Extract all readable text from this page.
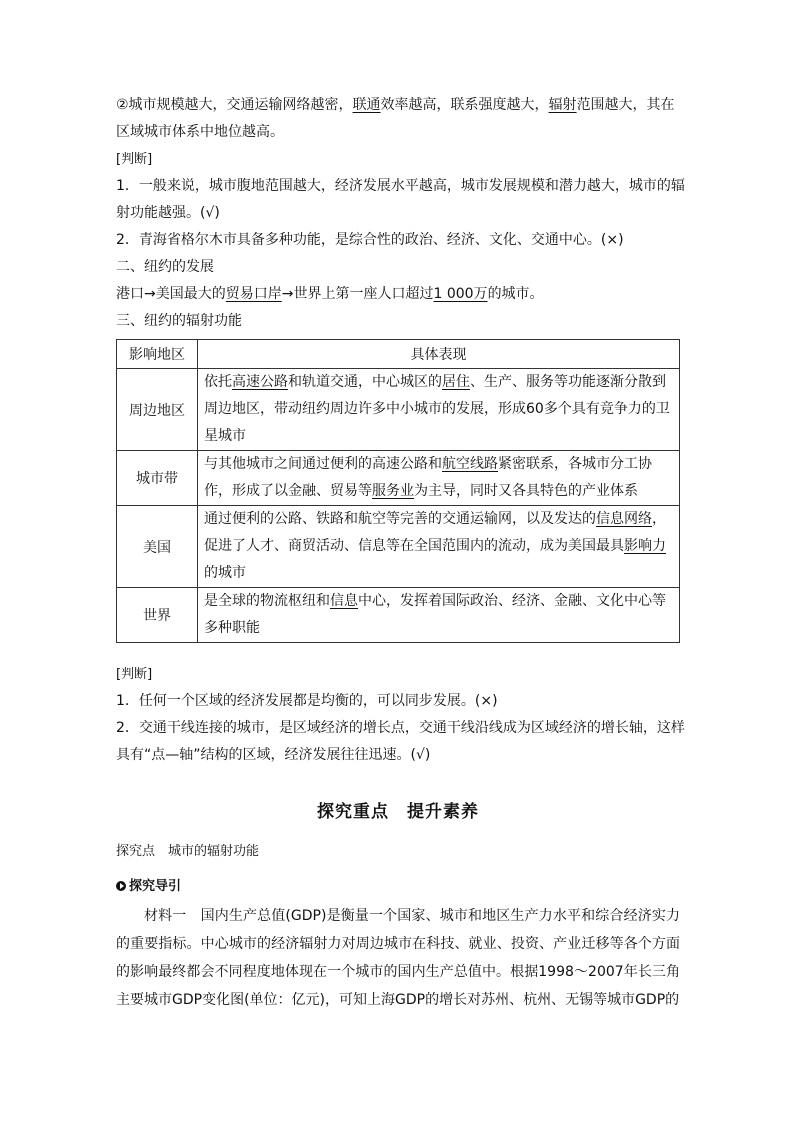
②城市规模越大，交通运输网络越密，联通效率越高，联系强度越大，辐射范围越大，其在
区域城市体系中地位越高。
[判断]
1．一般来说，城市腹地范围越大，经济发展水平越高，城市发展规模和潜力越大，城市的辐
射功能越强。(√)
2．青海省格尔木市具备多种功能，是综合性的政治、经济、文化、交通中心。(×)
二、纽约的发展
港口→美国最大的贸易口岸→世界上第一座人口超过1 000万的城市。
三、纽约的辐射功能
影响地区	具体表现
周边地区	依托高速公路和轨道交通，中心城区的居住、生产、服务等功能逐渐分散到周边地区，带动纽约周边许多中小城市的发展，形成60多个具有竞争力的卫星城市
城市带	与其他城市之间通过便利的高速公路和航空线路紧密联系，各城市分工协作，形成了以金融、贸易等服务业为主导，同时又各具特色的产业体系
美国	通过便利的公路、铁路和航空等完善的交通运输网，以及发达的信息网络，促进了人才、商贸活动、信息等在全国范围内的流动，成为美国最具影响力的城市
世界	是全球的物流枢纽和信息中心，发挥着国际政治、经济、金融、文化中心等多种职能
[判断]
1．任何一个区域的经济发展都是均衡的，可以同步发展。(×)
2．交通干线连接的城市，是区域经济的增长点，交通干线沿线成为区域经济的增长轴，这样
具有“点—轴”结构的区域，经济发展往往迅速。(√)
探究重点　提升素养
探究点　城市的辐射功能
探究导引
材料一　国内生产总值(GDP)是衡量一个国家、城市和地区生产力水平和综合经济实力的重要指标。中心城市的经济辐射力对周边城市在科技、就业、投资、产业迁移等各个方面的影响最终都会不同程度地体现在一个城市的国内生产总值中。根据1998～2007年长三角主要城市GDP变化图(单位：亿元)，可知上海GDP的增长对苏州、杭州、无锡等城市GDP的
